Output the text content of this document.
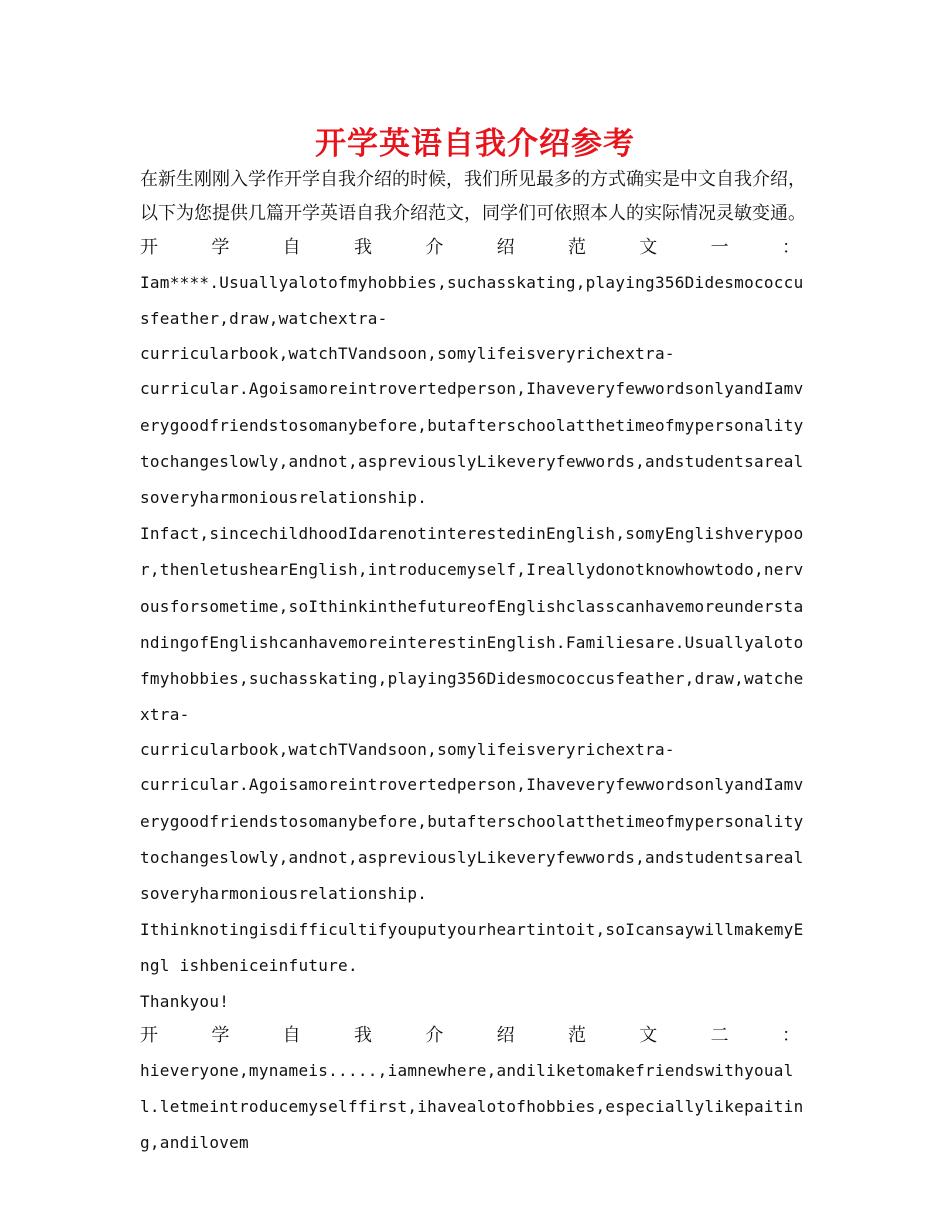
开学英语自我介绍参考

在新生刚刚入学作开学自我介绍的时候，我们所见最多的方式确实是中文自我介绍，

以下为您提供几篇开学英语自我介绍范文，同学们可依照本人的实际情况灵敏变通。

开	学	自	我	介	绍	范	文	一	：

Iam****.Usuallyalotofmyhobbies,suchasskating,playing356Didesmococcusfeather,draw,watchextra-

curricularbook,watchTVandsoon,somylifeisveryrichextra-

curricular.Agoisamoreintrovertedperson,IhaveveryfewwordsonlyandIamverygoodfriendstosomanybefore,butafterschoolatthetimeofmypersonalitytochangeslowly,andnot,aspreviouslyLikeveryfewwords,andstudentsarealsoveryharmoniousrelationship.

Infact,sincechildhoodIdarenotinterestedinEnglish,somyEnglishverypoor,thenletushearEnglish,introducemyself,Ireallydonotknowhowtodo,nervousforsometime,soIthinkinthefutureofEnglishclasscanhavemoreunderstandingofEnglishcanhavemoreinterestinEnglish.Familiesare.Usuallyalotofmyhobbies,suchasskating,playing356Didesmococcusfeather,draw,watchextra-

curricularbook,watchTVandsoon,somylifeisveryrichextra-

curricular.Agoisamoreintrovertedperson,IhaveveryfewwordsonlyandIamverygoodfriendstosomanybefore,butafterschoolatthetimeofmypersonalitytochangeslowly,andnot,aspreviouslyLikeveryfewwords,andstudentsarealsoveryharmoniousrelationship.

Ithinknotingisdifficultifyouputyourheartintoit,soIcansaywillmakemyEngl ishbeniceinfuture.

Thankyou!

开	学	自	我	介	绍	范	文	二	：

hieveryone,mynameis.....,iamnewhere,andiliketomakefriendswithyouall.letmeintroducemyselffirst,ihavealotofhobbies,especiallylikepaiting,andilovem
